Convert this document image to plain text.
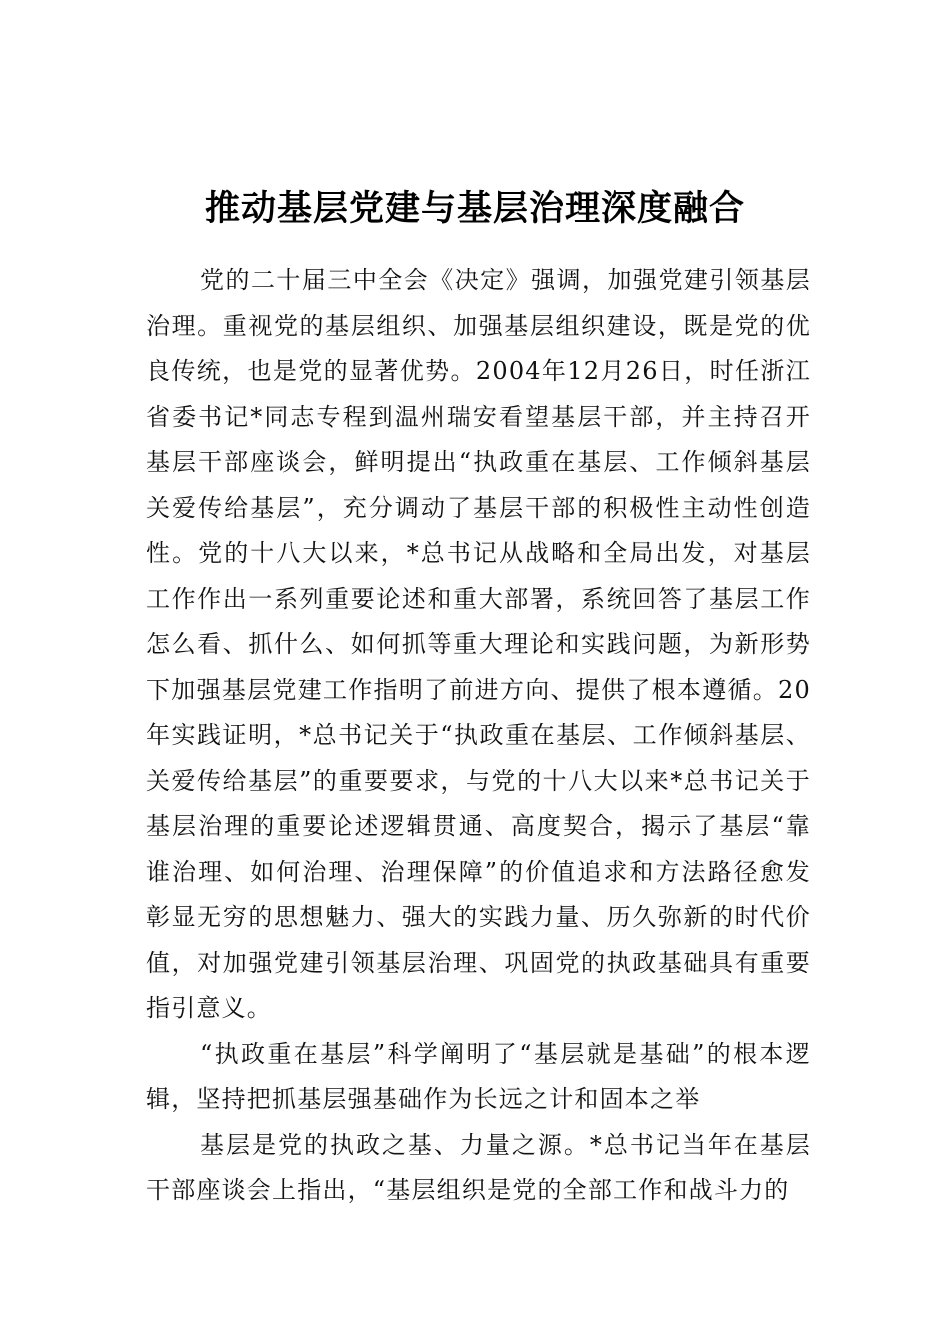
推动基层党建与基层治理深度融合

党的二十届三中全会《决定》强调，加强党建引领基层治理。重视党的基层组织、加强基层组织建设，既是党的优良传统，也是党的显著优势。2004年12月26日，时任浙江省委书记*同志专程到温州瑞安看望基层干部，并主持召开基层干部座谈会，鲜明提出“执政重在基层、工作倾斜基层关爱传给基层”，充分调动了基层干部的积极性主动性创造性。党的十八大以来，*总书记从战略和全局出发，对基层工作作出一系列重要论述和重大部署，系统回答了基层工作怎么看、抓什么、如何抓等重大理论和实践问题，为新形势下加强基层党建工作指明了前进方向、提供了根本遵循。20年实践证明，*总书记关于“执政重在基层、工作倾斜基层、关爱传给基层”的重要要求，与党的十八大以来*总书记关于基层治理的重要论述逻辑贯通、高度契合，揭示了基层“靠谁治理、如何治理、治理保障”的价值追求和方法路径愈发彰显无穷的思想魅力、强大的实践力量、历久弥新的时代价值，对加强党建引领基层治理、巩固党的执政基础具有重要指引意义。

“执政重在基层”科学阐明了“基层就是基础”的根本逻辑，坚持把抓基层强基础作为长远之计和固本之举

基层是党的执政之基、力量之源。*总书记当年在基层干部座谈会上指出，“基层组织是党的全部工作和战斗力的
